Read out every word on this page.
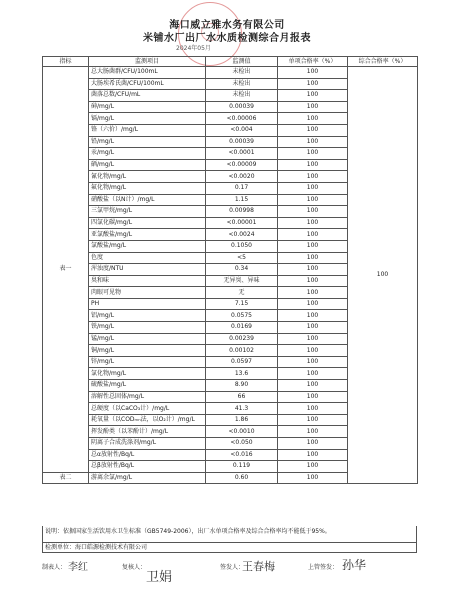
海口威立雅水务有限公司
米铺水厂出厂水水质检测综合月报表
2024年05月
指标	监测项目	监测值	单项合格率（%）	综合合格率（%）
表一	总大肠菌群/CFU/100mL	未检出	100	100
	大肠埃希氏菌/CFU/100mL	未检出	100	
	菌落总数/CFU/mL	未检出	100	
	砷/mg/L	0.00039	100	
	镉/mg/L	<0.00006	100	
	铬（六价）/mg/L	<0.004	100	
	铅/mg/L	0.00039	100	
	汞/mg/L	<0.0001	100	
	硒/mg/L	<0.00009	100	
	氰化物/mg/L	<0.0020	100	
	氟化物/mg/L	0.17	100	
	硝酸盐（以N计）/mg/L	1.15	100	
	三氯甲烷/mg/L	0.00998	100	
	四氯化碳/mg/L	<0.00001	100	
	亚氯酸盐/mg/L	<0.0024	100	
	氯酸盐/mg/L	0.1050	100	
	色度	<5	100	
	浑浊度/NTU	0.34	100	
	臭和味	无异臭、异味	100	
	肉眼可见物	无	100	
	PH	7.15	100	
	铝/mg/L	0.0575	100	
	铁/mg/L	0.0169	100	
	锰/mg/L	0.00239	100	
	铜/mg/L	0.00102	100	
	锌/mg/L	0.0597	100	
	氯化物/mg/L	13.6	100	
	硫酸盐/mg/L	8.90	100	
	溶解性总固体/mg/L	66	100	
	总硬度（以CaCO₃计）/mg/L	41.3	100	
	耗氧量（以CODₘₙ法，以O₂计）/mg/L	1.86	100	
	挥发酚类（以苯酚计）/mg/L	<0.0010	100	
	阴离子合成洗涤剂/mg/L	<0.050	100	
	总α放射性/Bq/L	<0.016	100	
	总β放射性/Bq/L	0.119	100	
表二	游离余氯/mg/L	0.60	100	
说明：依据国家生活饮用水卫生标准（GB5749-2006），出厂水单项合格率及综合合格率均不能低于95%。
检测单位：海口皓源检测技术有限公司
制表人： 李红	复核人：
卫娟
签发人：
王春梅	上管签发： 孙华
